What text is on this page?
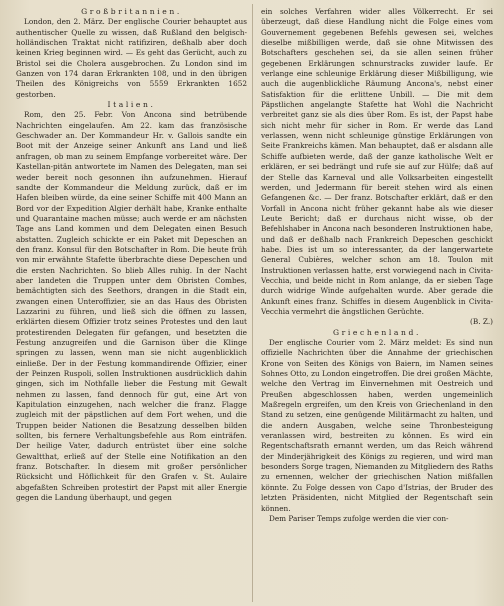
Großbritannien.

London, den 2. März. Der englische Courier behauptet aus authentischer Quelle zu wissen, daß Rußland den belgisch-holländischen Traktat nicht ratifiziren, deßhalb aber doch keinen Krieg beginnen wird. — Es geht das Gerücht, auch zu Bristol sei die Cholera ausgebrochen. Zu London sind im Ganzen von 174 daran Erkrankten 108, und in den übrigen Theilen des Königreichs von 5559 Erkrankten 1652 gestorben.

Italien.

Rom, den 25. Febr. Von Ancona sind betrübende Nachrichten eingelaufen. Am 22. kam das französische Geschwader an. Der Kommandeur Hr. v. Gallois sandte ein Boot mit der Anzeige seiner Ankunft ans Land und ließ anfragen, ob man zu seinem Empfange vorbereitet wäre. Der Kastellan-pitän antwortete im Namen des Delegaten, man sei weder bereit noch gesonnen ihn aufzunehmen. Hierauf sandte der Kommandeur die Meldung zurück, daß er im Hafen bleiben würde, da eine seiner Schiffe mit 400 Mann an Bord vor der Expedition Algier derhält habe, Kranke enthalte und Quarantaine machen müsse; auch werde er am nächsten Tage ans Land kommen und dem Delegaten einen Besuch abstatten. Zugleich schickte er ein Paket mit Depeschen an den franz. Konsul für den Botschafter in Rom. Die heute früh von mir erwähnte Stafette überbrachte diese Depeschen und die ersten Nachrichten. So blieb Alles ruhig. In der Nacht aber landeten die Truppen unter dem Obristen Combes, bemächtigten sich des Seethors, drangen in die Stadt ein, zwangen einen Unteroffizier, sie an das Haus des Obristen Lazzarini zu führen, und ließ sich die öffnen zu lassen, erklärten diesem Offizier trotz seines Protestes und den laut protestirenden Delegaten für gefangen, und besetzten die Festung anzugreifen und die Garnison über die Klinge springen zu lassen, wenn man sie nicht augenblicklich einließe. Der in der Festung kommandirende Offizier, einer der Peinzen Ruspoli, sollen Instruktionen ausdrücklich dahin gingen, sich im Nothfalle lieber die Festung mit Gewalt nehmen zu lassen, fand dennoch für gut, eine Art von Kapitulation einzugehen, nach welcher die franz. Flagge zugleich mit der päpstlichen auf dem Fort wehen, und die Truppen beider Nationen die Besatzung desselben bilden sollten, bis fernere Verhaltungsbefehle aus Rom einträfen. Der heilige Vater, dadurch entrüstet über eine solche Gewaltthat, erließ auf der Stelle eine Notifikation an den franz. Botschafter. In diesem mit großer persönlicher Rücksicht und Höflichkeit für den Grafen v. St. Aulaire abgefaßten Schreiben protestirt der Papst mit aller Energie gegen die Landung überhaupt, und gegen

ein solches Verfahren wider alles Völkerrecht. Er sei überzeugt, daß diese Handlung nicht die Folge eines vom Gouvernement gegebenen Befehls gewesen sei, welches dieselbe mißbilligen werde, daß sie ohne Mitwissen des Botschafters geschehen sei, da sie allen seinen früher gegebenen Erklärungen schnurstracks zuwider laufe. Er verlange eine schleunige Erklärung dieser Mißbilligung, wie auch die augenblickliche Räumung Ancona's, nebst einer Satisfaktion für die erlittene Unbill. — Die mit dem Päpstlichen angelangte Stafette hat Wohl die Nachricht verbreitet ganz sie als dies über Rom. Es ist, der Papst habe sich nicht mehr für sicher in Rom. Er werde das Land verlassen, wenn nicht schleunige günstige Erklärungen von Seite Frankreichs kämen. Man behauptet, daß er alsdann alle Schiffe aufbieten werde, daß der ganze katholische Welt er erklären, er sei bedrängt und rufe sie auf zur Hülfe; daß auf der Stelle das Karneval und alle Volksarbeiten eingestellt werden, und Jedermann für bereit stehen wird als einen Gefangenen &c. — Der franz. Botschafter erklärt, daß er den Vorfall in Ancona nicht früher gekannt habe als wie dieser Leute Bericht; daß er durchaus nicht wisse, ob der Befehlshaber in Ancona nach besonderen Instruktionen habe, und daß er deßhalb nach Frankreich Depeschen geschickt habe. Dies ist um so interessanter, da der langerwartete General Cubières, welcher schon am 18. Toulon mit Instruktionen verlassen hatte, erst vorwiegend nach in Civita-Vecchia, und beide nicht in Rom anlange, da er sieben Tage durch widrige Winde aufgehalten wurde. Aber gerade die Ankunft eines franz. Schiffes in diesem Augenblick in Civita-Vecchia vermehrt die ängstlichen Gerüchte.

(B. Z.)

Griechenland.

Der englische Courier vom 2. März meldet: Es sind nun offizielle Nachrichten über die Annahme der griechischen Krone von Seiten des Königs von Baiern, im Namen seines Sohnes Otto, zu London eingetroffen. Die drei großen Mächte, welche den Vertrag im Einvernehmen mit Oestreich und Preußen abgeschlossen haben, werden ungemeinlich Maßregeln ergreifen, um den Kreis von Griechenland in den Stand zu setzen, eine genügende Militärmacht zu halten, und die andern Ausgaben, welche seine Thronbesteigung veranlassen wird, bestreiten zu können. Es wird ein Regentschaftsrath ernannt werden, um das Reich während der Minderjährigkeit des Königs zu regieren, und wird man besonders Sorge tragen, Niemanden zu Mitgliedern des Raths zu ernennen, welcher der griechischen Nation mißfallen könnte. Zu Folge dessen von Capo d'Istrias, der Bruder des letzten Präsidenten, nicht Mitglied der Regentschaft sein können.

Dem Pariser Temps zufolge werden die vier con-
